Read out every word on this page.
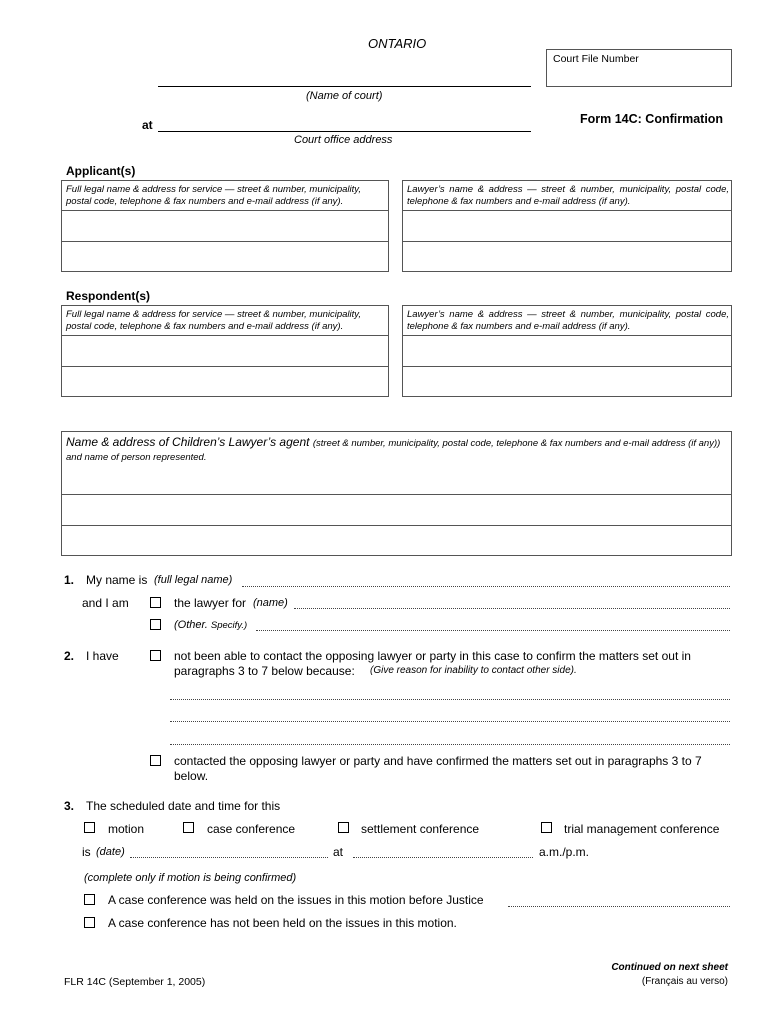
ONTARIO
Court File Number
(Name of court)
at
Court office address
Form 14C: Confirmation
Applicant(s)
Full legal name & address for service — street & number, municipality, postal code, telephone & fax numbers and e-mail address (if any).
Lawyer’s name & address — street & number, municipality, postal code, telephone & fax numbers and e-mail address (if any).
Respondent(s)
Full legal name & address for service — street & number, municipality, postal code, telephone & fax numbers and e-mail address (if any).
Lawyer’s name & address — street & number, municipality, postal code, telephone & fax numbers and e-mail address (if any).
Name & address of Children’s Lawyer’s agent (street & number, municipality, postal code, telephone & fax numbers and e-mail address (if any)) and name of person represented.
1. My name is (full legal name)
and I am	the lawyer for (name)
(Other. Specify.)
2. I have	not been able to contact the opposing lawyer or party in this case to confirm the matters set out in
paragraphs 3 to 7 below because: (Give reason for inability to contact other side).
contacted the opposing lawyer or party and have confirmed the matters set out in paragraphs 3 to 7
below.
3. The scheduled date and time for this
motion	case conference	settlement conference	trial management conference
is (date)	at	a.m./p.m.
(complete only if motion is being confirmed)
A case conference was held on the issues in this motion before Justice
A case conference has not been held on the issues in this motion.
Continued on next sheet
FLR 14C (September 1, 2005)	(Français au verso)
